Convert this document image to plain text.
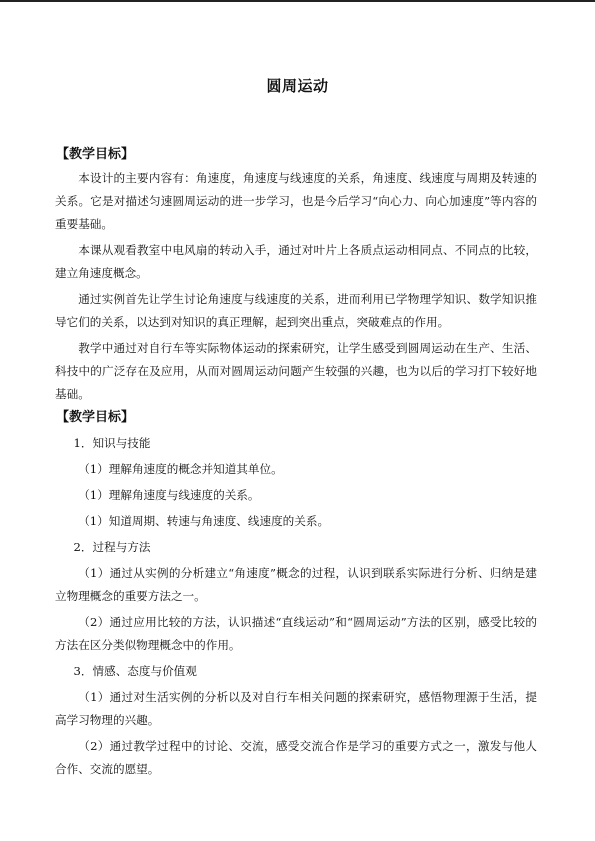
圆周运动
【教学目标】

本设计的主要内容有：角速度，角速度与线速度的关系，角速度、线速度与周期及转速的关系。它是对描述匀速圆周运动的进一步学习，也是今后学习“向心力、向心加速度”等内容的重要基础。

本课从观看教室中电风扇的转动入手，通过对叶片上各质点运动相同点、不同点的比较，建立角速度概念。

通过实例首先让学生讨论角速度与线速度的关系，进而利用已学物理学知识、数学知识推导它们的关系，以达到对知识的真正理解，起到突出重点，突破难点的作用。

教学中通过对自行车等实际物体运动的探索研究，让学生感受到圆周运动在生产、生活、科技中的广泛存在及应用，从而对圆周运动问题产生较强的兴趣，也为以后的学习打下较好地基础。

【教学目标】

1．知识与技能

（1）理解角速度的概念并知道其单位。

（1）理解角速度与线速度的关系。

（1）知道周期、转速与角速度、线速度的关系。

2．过程与方法

（1）通过从实例的分析建立“角速度”概念的过程，认识到联系实际进行分析、归纳是建立物理概念的重要方法之一。

（2）通过应用比较的方法，认识描述“直线运动”和“圆周运动”方法的区别，感受比较的方法在区分类似物理概念中的作用。

3．情感、态度与价值观

（1）通过对生活实例的分析以及对自行车相关问题的探索研究，感悟物理源于生活，提高学习物理的兴趣。

（2）通过教学过程中的讨论、交流，感受交流合作是学习的重要方式之一，激发与他人合作、交流的愿望。
